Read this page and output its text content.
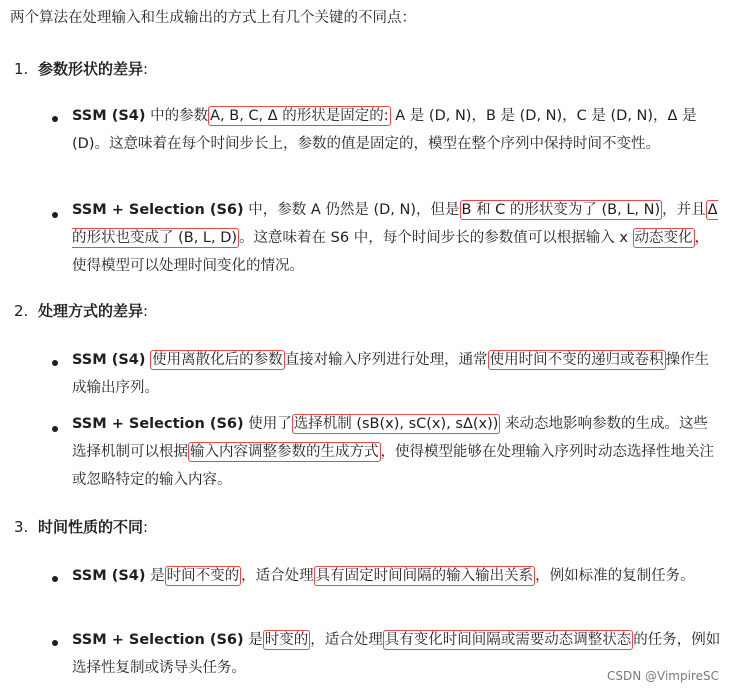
两个算法在处理输入和生成输出的方式上有几个关键的不同点：
1. 参数形状的差异:
SSM (S4) 中的参数 A, B, C, Δ 的形状是固定的: A 是 (D, N)，B 是 (D, N)，C 是 (D, N)，Δ 是 (D)。这意味着在每个时间步长上，参数的值是固定的，模型在整个序列中保持时间不变性。
SSM + Selection (S6) 中，参数 A 仍然是 (D, N)，但是 B 和 C 的形状变为了 (B, L, N) ，并且 Δ 的形状也变成了 (B, L, D) 。这意味着在 S6 中，每个时间步长的参数值可以根据输入 x 动态变化 ，使得模型可以处理时间变化的情况。
2. 处理方式的差异:
SSM (S4) 使用离散化后的参数 直接对输入序列进行处理，通常 使用时间不变的递归或卷积 操作生成输出序列。
SSM + Selection (S6) 使用了 选择机制 (sB(x), sC(x), sΔ(x)) 来动态地影响参数的生成。这些选择机制可以根据 输入内容调整参数的生成方式 ，使得模型能够在处理输入序列时动态选择性地关注或忽略特定的输入内容。
3. 时间性质的不同:
SSM (S4) 是 时间不变的 ，适合处理 具有固定时间间隔的输入输出关系 ，例如标准的复制任务。
SSM + Selection (S6) 是 时变的 ，适合处理 具有变化时间间隔或需要动态调整状态 的任务，例如选择性复制或诱导头任务。	CSDN @VimpireSC
